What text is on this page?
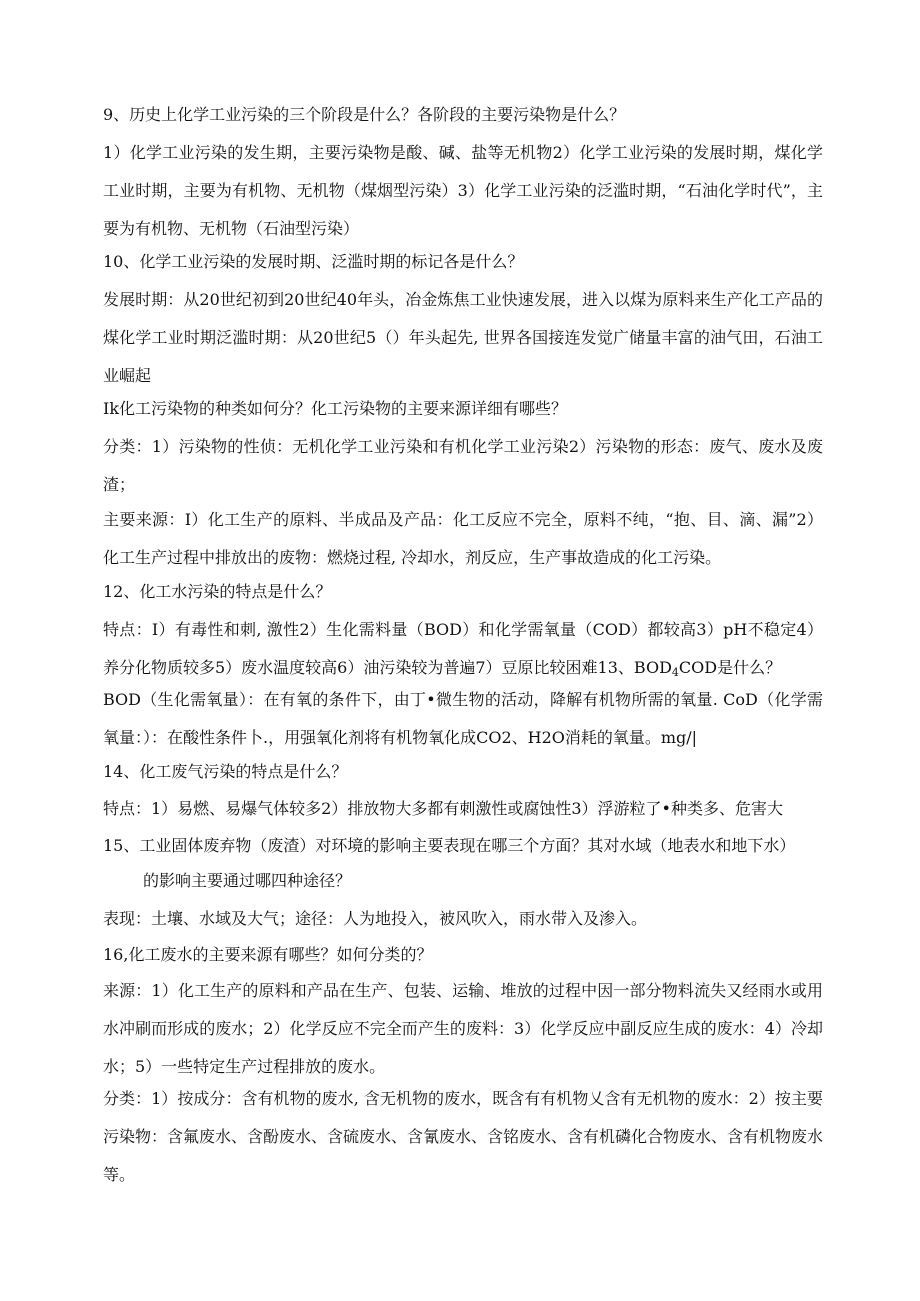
9、历史上化学工业污染的三个阶段是什么？各阶段的主要污染物是什么？

1）化学工业污染的发生期，主要污染物是酸、碱、盐等无机物2）化学工业污染的发展时期，煤化学工业时期，主要为有机物、无机物（煤烟型污染）3）化学工业污染的泛滥时期，“石油化学时代”，主要为有机物、无机物（石油型污染）

10、化学工业污染的发展时期、泛滥时期的标记各是什么？

发展时期：从20世纪初到20世纪40年头，冶金炼焦工业快速发展，进入以煤为原料来生产化工产品的煤化学工业时期泛滥时期：从20世纪5（）年头起先, 世界各国接连发觉广储量丰富的油气田，石油工业崛起

Ik化工污染物的种类如何分？化工污染物的主要来源详细有哪些？

分类：1）污染物的性侦：无机化学工业污染和有机化学工业污染2）污染物的形态：废气、废水及废渣；

主要来源：I）化工生产的原料、半成品及产品：化工反应不完全，原料不纯，“抱、目、滴、漏”2）化工生产过程中排放出的废物：燃烧过程, 冷却水，剂反应，生产事故造成的化工污染。

12、化工水污染的特点是什么？

特点：I）有毒性和刺, 激性2）生化需料量（BOD）和化学需氧量（COD）都较高3）pH不稳定4）养分化物质较多5）废水温度较高6）油污染较为普遍7）豆原比较困难13、$BOD_4COD$是什么？

BOD（生化需氧量）：在有氧的条件下，由丁•微生物的活动，降解有机物所需的氧量. CoD（化学需氧量：）：在酸性条件卜.，用强氧化剂将有机物氧化成CO2、H2O消耗的氧量。mg∕|

14、化工废气污染的特点是什么？

特点：1）易燃、易爆气体较多2）排放物大多都有刺激性或腐蚀性3）浮游粒了•种类多、危害大

15、工业固体废弃物（废渣）对环境的影响主要表现在哪三个方面？其对水域（地表水和地下水）

的影响主要通过哪四种途径？

表现：土壤、水域及大气；途径：人为地投入，被风吹入，雨水带入及渗入。

16,化工废水的主要来源有哪些？如何分类的？

来源：1）化工生产的原料和产品在生产、包装、运输、堆放的过程中因一部分物料流失又经雨水或用水冲刷而形成的废水；2）化学反应不完全而产生的废料：3）化学反应中副反应生成的废水：4）冷却水；5）一些特定生产过程排放的废水。

分类：1）按成分：含有机物的废水, 含无机物的废水，既含有有机物乂含有无机物的废水：2）按主要污染物：含氟废水、含酚废水、含硫废水、含氰废水、含铭废水、含有机磷化合物废水、含有机物废水等。
